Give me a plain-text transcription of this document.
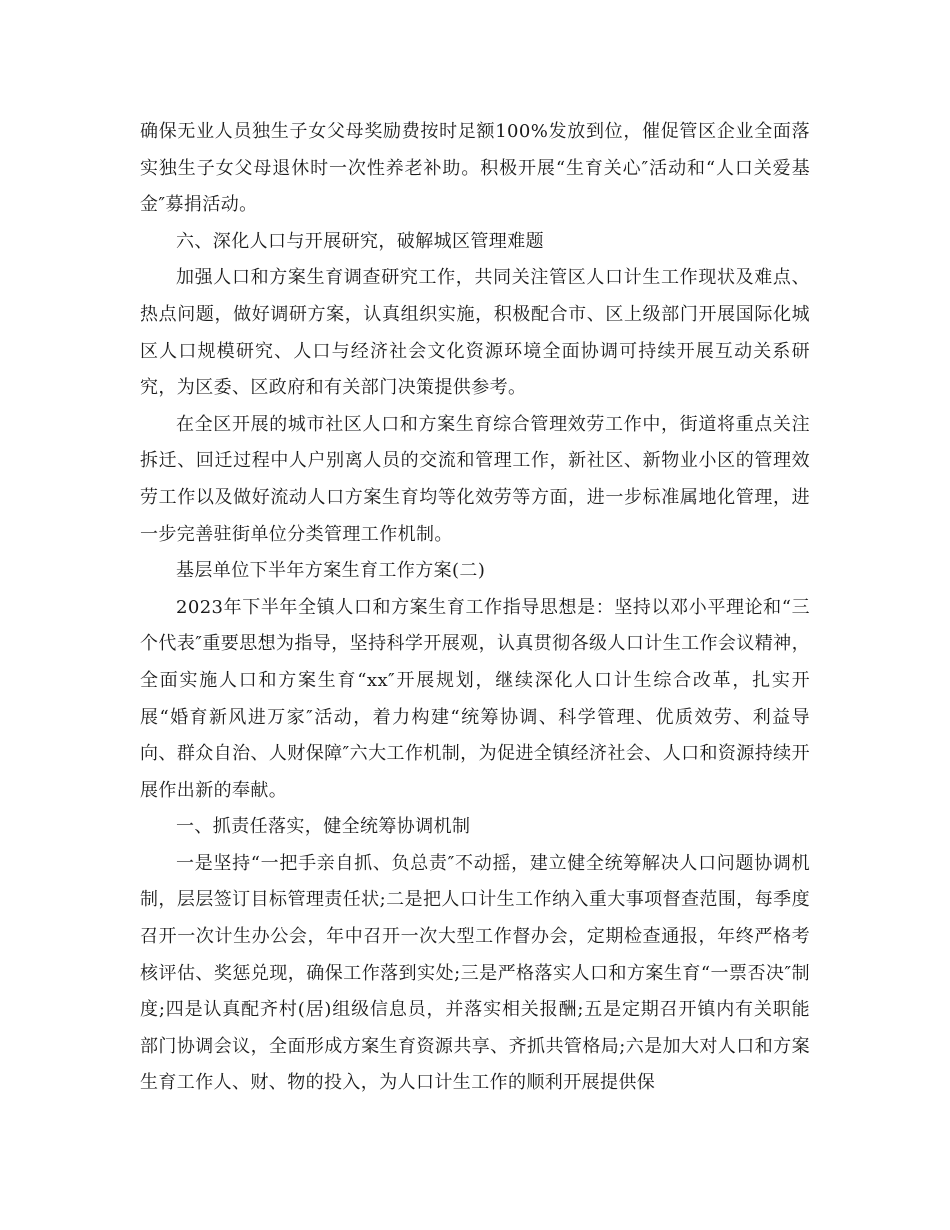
确保无业人员独生子女父母奖励费按时足额100%发放到位，催促管区企业全面落实独生子女父母退休时一次性养老补助。积极开展“生育关心″活动和“人口关爱基金″募捐活动。

六、深化人口与开展研究，破解城区管理难题

加强人口和方案生育调查研究工作，共同关注管区人口计生工作现状及难点、热点问题，做好调研方案，认真组织实施，积极配合市、区上级部门开展国际化城区人口规模研究、人口与经济社会文化资源环境全面协调可持续开展互动关系研究，为区委、区政府和有关部门决策提供参考。

在全区开展的城市社区人口和方案生育综合管理效劳工作中，街道将重点关注拆迁、回迁过程中人户别离人员的交流和管理工作，新社区、新物业小区的管理效劳工作以及做好流动人口方案生育均等化效劳等方面，进一步标准属地化管理，进一步完善驻街单位分类管理工作机制。

基层单位下半年方案生育工作方案(二)

2023年下半年全镇人口和方案生育工作指导思想是：坚持以邓小平理论和“三个代表″重要思想为指导，坚持科学开展观，认真贯彻各级人口计生工作会议精神，全面实施人口和方案生育“xx″开展规划，继续深化人口计生综合改革，扎实开展“婚育新风进万家″活动，着力构建“统筹协调、科学管理、优质效劳、利益导向、群众自治、人财保障″六大工作机制，为促进全镇经济社会、人口和资源持续开展作出新的奉献。

一、抓责任落实，健全统筹协调机制

一是坚持“一把手亲自抓、负总责″不动摇，建立健全统筹解决人口问题协调机制，层层签订目标管理责任状;二是把人口计生工作纳入重大事项督查范围，每季度召开一次计生办公会，年中召开一次大型工作督办会，定期检查通报，年终严格考核评估、奖惩兑现，确保工作落到实处;三是严格落实人口和方案生育“一票否决″制度;四是认真配齐村(居)组级信息员，并落实相关报酬;五是定期召开镇内有关职能部门协调会议，全面形成方案生育资源共享、齐抓共管格局;六是加大对人口和方案生育工作人、财、物的投入，为人口计生工作的顺利开展提供保
